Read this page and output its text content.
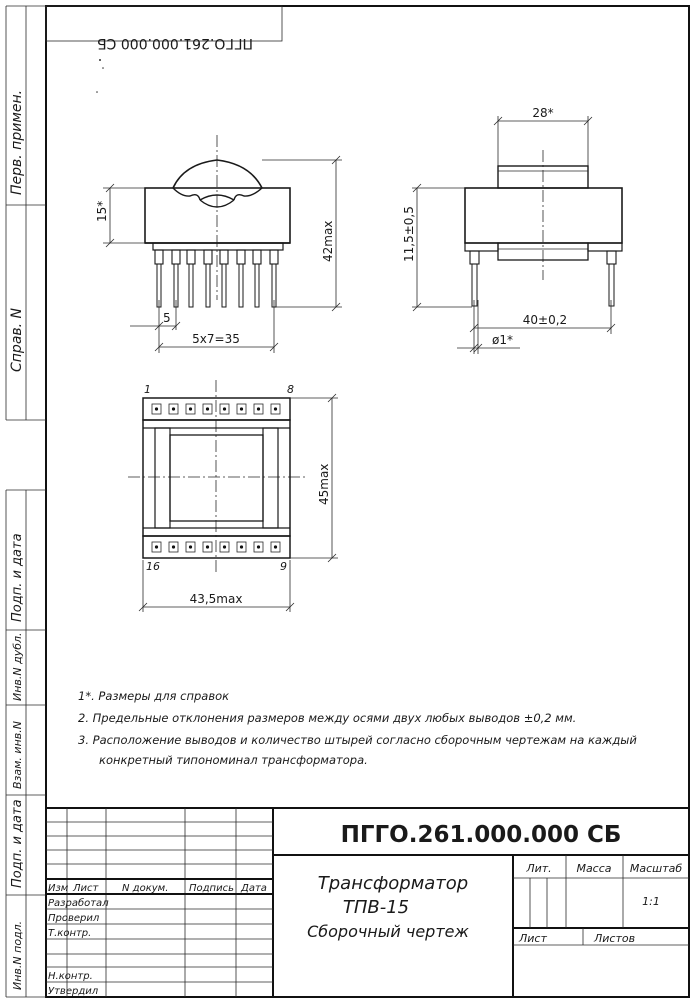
Перв. примен.
Справ. N
Подп. и дата
Инв.N дубл.
Взам. инв.N
Подп. и дата
Инв.N подл.
ПГГО.261.000.000 СБ
15*
42max
5
5x7=35
28*
11,5±0,5
40±0,2
ø1*
1	8
16	9
45max
43,5max
1*. Размеры для справок
2. Предельные отклонения размеров между осями двух любых выводов ±0,2 мм.
3. Расположение выводов и количество штырей согласно сборочным чертежам на каждый
конкретный типономинал трансформатора.
Изм Лист N докум. Подпись Дата
Разработал
Проверил
Т.контр.
Н.контр.
Утвердил
ПГГО.261.000.000 СБ
Трансформатор
ТПВ-15
Сборочный чертеж
Лит. Масса Масштаб
1:1
Лист	Листов
